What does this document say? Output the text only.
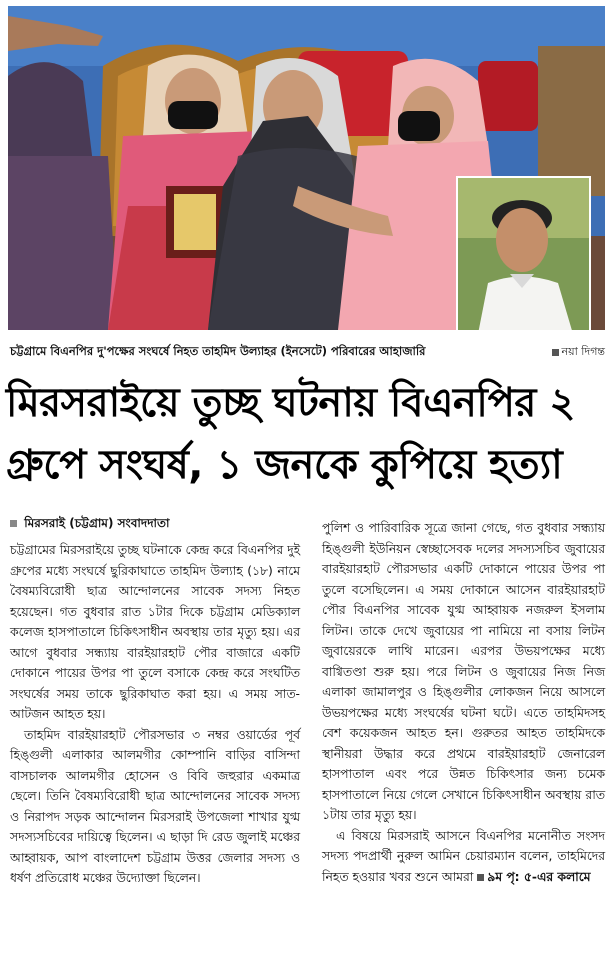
চট্টগ্রামে বিএনপির দু'পক্ষের সংঘর্ষে নিহত তাহমিদ উল্যাহর (ইনসেটে) পরিবারের আহাজারি	নয়া দিগন্ত
মিরসরাইয়ে তুচ্ছ ঘটনায় বিএনপির ২
গ্রুপে সংঘর্ষ, ১ জনকে কুপিয়ে হত্যা
মিরসরাই (চট্টগ্রাম) সংবাদদাতা

চট্টগ্রামের মিরসরাইয়ে তুচ্ছ ঘটনাকে কেন্দ্র করে বিএনপির দুই গ্রুপের মধ্যে সংঘর্ষে ছুরিকাঘাতে তাহমিদ উল্যাহ (১৮) নামে বৈষম্যবিরোধী ছাত্র আন্দোলনের সাবেক সদস্য নিহত হয়েছেন। গত বুধবার রাত ১টার দিকে চট্টগ্রাম মেডিক্যাল কলেজ হাসপাতালে চিকিৎসাধীন অবস্থায় তার মৃত্যু হয়। এর আগে বুধবার সন্ধ্যায় বারইয়ারহাট পৌর বাজারে একটি দোকানে পায়ের উপর পা তুলে বসাকে কেন্দ্র করে সংঘটিত সংঘর্ষের সময় তাকে ছুরিকাঘাত করা হয়। এ সময় সাত-আটজন আহত হয়।

তাহমিদ বারইয়ারহাট পৌরসভার ৩ নম্বর ওয়ার্ডের পূর্ব হিঙ্গুলী এলাকার আলমগীর কোম্পানি বাড়ির বাসিন্দা বাসচালক আলমগীর হোসেন ও বিবি জহুরার একমাত্র ছেলে। তিনি বৈষম্যবিরোধী ছাত্র আন্দোলনের সাবেক সদস্য ও নিরাপদ সড়ক আন্দোলন মিরসরাই উপজেলা শাখার যুগ্ম সদস্যসচিবের দায়িত্বে ছিলেন। এ ছাড়া দি রেড জুলাই মঞ্চের আহ্বায়ক, আপ বাংলাদেশ চট্টগ্রাম উত্তর জেলার সদস্য ও ধর্ষণ প্রতিরোধ মঞ্চের উদ্যোক্তা ছিলেন।

পুলিশ ও পারিবারিক সূত্রে জানা গেছে, গত বুধবার সন্ধ্যায় হিঙ্গুলী ইউনিয়ন স্বেচ্ছাসেবক দলের সদস্যসচিব জুবায়ের বারইয়ারহাট পৌরসভার একটি দোকানে পায়ের উপর পা তুলে বসেছিলেন। এ সময় দোকানে আসেন বারইয়ারহাট পৌর বিএনপির সাবেক যুগ্ম আহ্বায়ক নজরুল ইসলাম লিটন। তাকে দেখে জুবায়ের পা নামিয়ে না বসায় লিটন জুবায়েরকে লাথি মারেন। এরপর উভয়পক্ষের মধ্যে বাগ্বিতণ্ডা শুরু হয়। পরে লিটন ও জুবায়ের নিজ নিজ এলাকা জামালপুর ও হিঙ্গুলীর লোকজন নিয়ে আসলে উভয়পক্ষের মধ্যে সংঘর্ষের ঘটনা ঘটে। এতে তাহমিদসহ বেশ কয়েকজন আহত হন। গুরুতর আহত তাহমিদকে স্থানীয়রা উদ্ধার করে প্রথমে বারইয়ারহাট জেনারেল হাসপাতাল এবং পরে উন্নত চিকিৎসার জন্য চমেক হাসপাতালে নিয়ে গেলে সেখানে চিকিৎসাধীন অবস্থায় রাত ১টায় তার মৃত্যু হয়।

এ বিষয়ে মিরসরাই আসনে বিএনপির মনোনীত সংসদ সদস্য পদপ্রার্থী নুরুল আমিন চেয়ারম্যান বলেন, তাহমিদের নিহত হওয়ার খবর শুনে আমরা ৯ম পৃ: ৫-এর কলামে
